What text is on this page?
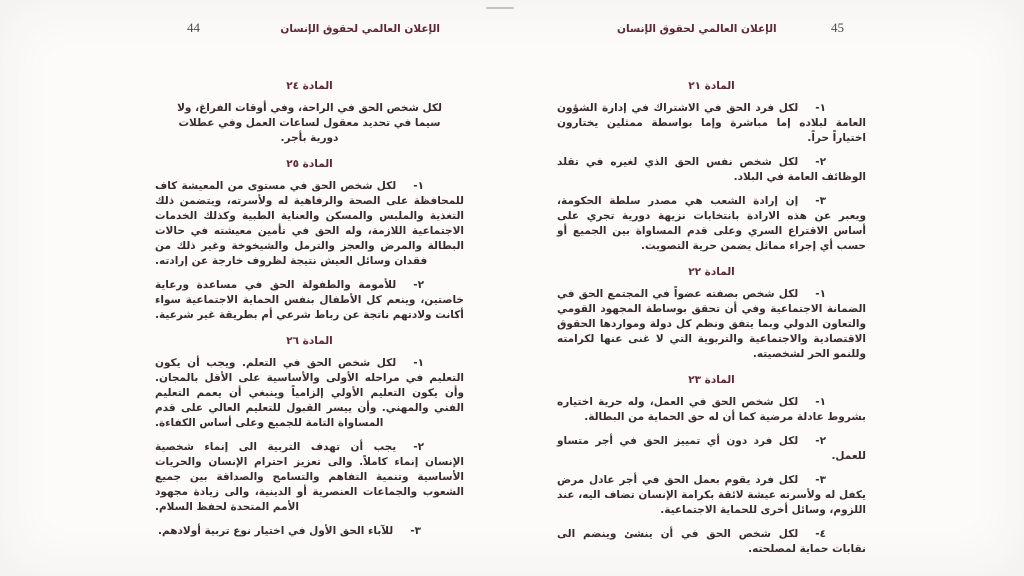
44	الإعلان العالمي لحقوق الإنسان
المادة ٢٤

لكل شخص الحق في الراحة، وفي أوقات الفراغ، ولا سيما في تحديد معقول لساعات العمل وفي عطلات دورية بأجر.

المادة ٢٥

١-لكل شخص الحق في مستوى من المعيشة كاف للمحافظة على الصحة والرفاهية له ولأسرته، ويتضمن ذلك التغذية والملبس والمسكن والعناية الطبية وكذلك الخدمات الاجتماعية اللازمة، وله الحق في تأمين معيشته في حالات البطالة والمرض والعجز والترمل والشيخوخة وغير ذلك من فقدان وسائل العيش نتيجة لظروف خارجة عن إرادته.

٢-للأمومة والطفولة الحق في مساعدة ورعاية خاصتين، وينعم كل الأطفال بنفس الحماية الاجتماعية سواء أكانت ولادتهم ناتجة عن رباط شرعي أم بطريقة غير شرعية.

المادة ٢٦

١-لكل شخص الحق في التعلم. ويجب أن يكون التعليم في مراحله الأولى والأساسية على الأقل بالمجان. وأن يكون التعليم الأولي إلزامياً وينبغي أن يعمم التعليم الفني والمهني. وأن ييسر القبول للتعليم العالي على قدم المساواة التامة للجميع وعلى أساس الكفاءة.

٢-يجب أن تهدف التربية الى إنماء شخصية الإنسان إنماء كاملاً. والى تعزيز احترام الإنسان والحريات الأساسية وتنمية التفاهم والتسامح والصداقة بين جميع الشعوب والجماعات العنصرية أو الدينية، والى زيادة مجهود الأمم المتحدة لحفظ السلام.

٣-للآباء الحق الأول في اختيار نوع تربية أولادهم.

الإعلان العالمي لحقوق الإنسان	45
المادة ٢١

١-لكل فرد الحق في الاشتراك في إدارة الشؤون العامة لبلاده إما مباشرة وإما بواسطة ممثلين يختارون اختياراً حراً.

٢-لكل شخص نفس الحق الذي لغيره في تقلد الوظائف العامة في البلاد.

٣-إن إرادة الشعب هي مصدر سلطة الحكومة، ويعبر عن هذه الارادة بانتخابات نزيهة دورية تجري على أساس الاقتراع السري وعلى قدم المساواة بين الجميع أو حسب أي إجراء مماثل يضمن حرية التصويت.

المادة ٢٢

١-لكل شخص بصفته عضواً في المجتمع الحق في الضمانة الاجتماعية وفي أن تحقق بوساطة المجهود القومي والتعاون الدولي وبما يتفق ونظم كل دولة ومواردها الحقوق الاقتصادية والاجتماعية والتربوية التي لا غنى عنها لكرامته وللنمو الحر لشخصيته.

المادة ٢٣

١-لكل شخص الحق في العمل، وله حرية اختياره بشروط عادلة مرضية كما أن له حق الحماية من البطالة.

٢-لكل فرد دون أي تمييز الحق في أجر متساو للعمل.

٣-لكل فرد يقوم بعمل الحق في أجر عادل مرض يكفل له ولأسرته عيشة لائقة بكرامة الإنسان تضاف اليه، عند اللزوم، وسائل أخرى للحماية الاجتماعية.

٤-لكل شخص الحق في أن ينشئ وينضم الى نقابات حماية لمصلحته.
